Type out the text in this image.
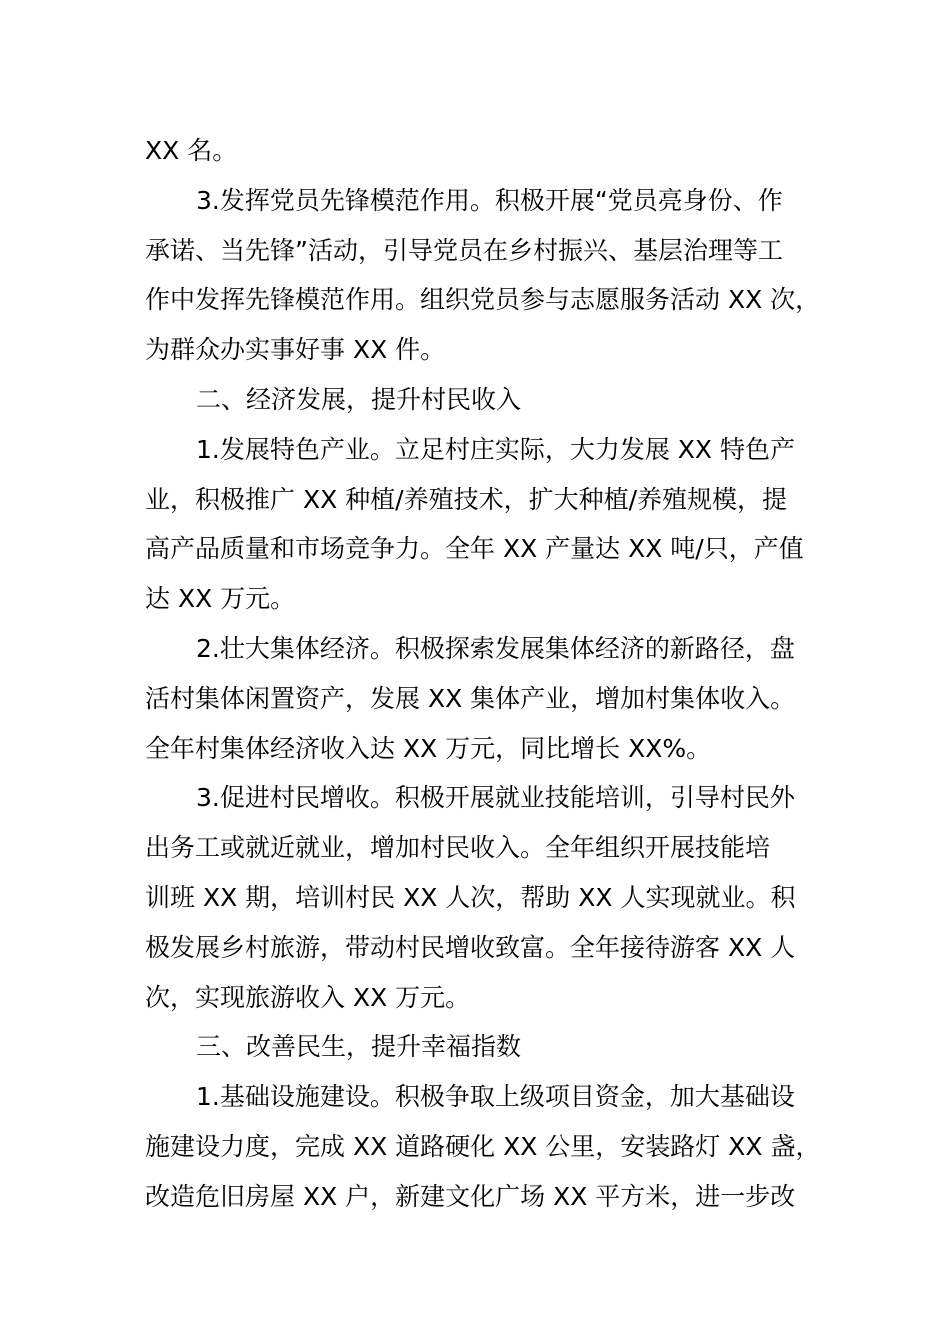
XX 名。
3.发挥党员先锋模范作用。积极开展“党员亮身份、作
承诺、当先锋”活动，引导党员在乡村振兴、基层治理等工
作中发挥先锋模范作用。组织党员参与志愿服务活动 XX 次，
为群众办实事好事 XX 件。
二、经济发展，提升村民收入
1.发展特色产业。立足村庄实际，大力发展 XX 特色产
业，积极推广 XX 种植/养殖技术，扩大种植/养殖规模，提
高产品质量和市场竞争力。全年 XX 产量达 XX 吨/只，产值
达 XX 万元。
2.壮大集体经济。积极探索发展集体经济的新路径，盘
活村集体闲置资产，发展 XX 集体产业，增加村集体收入。
全年村集体经济收入达 XX 万元，同比增长 XX%。
3.促进村民增收。积极开展就业技能培训，引导村民外
出务工或就近就业，增加村民收入。全年组织开展技能培
训班 XX 期，培训村民 XX 人次，帮助 XX 人实现就业。积
极发展乡村旅游，带动村民增收致富。全年接待游客 XX 人
次，实现旅游收入 XX 万元。
三、改善民生，提升幸福指数
1.基础设施建设。积极争取上级项目资金，加大基础设
施建设力度，完成 XX 道路硬化 XX 公里，安装路灯 XX 盏，
改造危旧房屋 XX 户，新建文化广场 XX 平方米，进一步改
